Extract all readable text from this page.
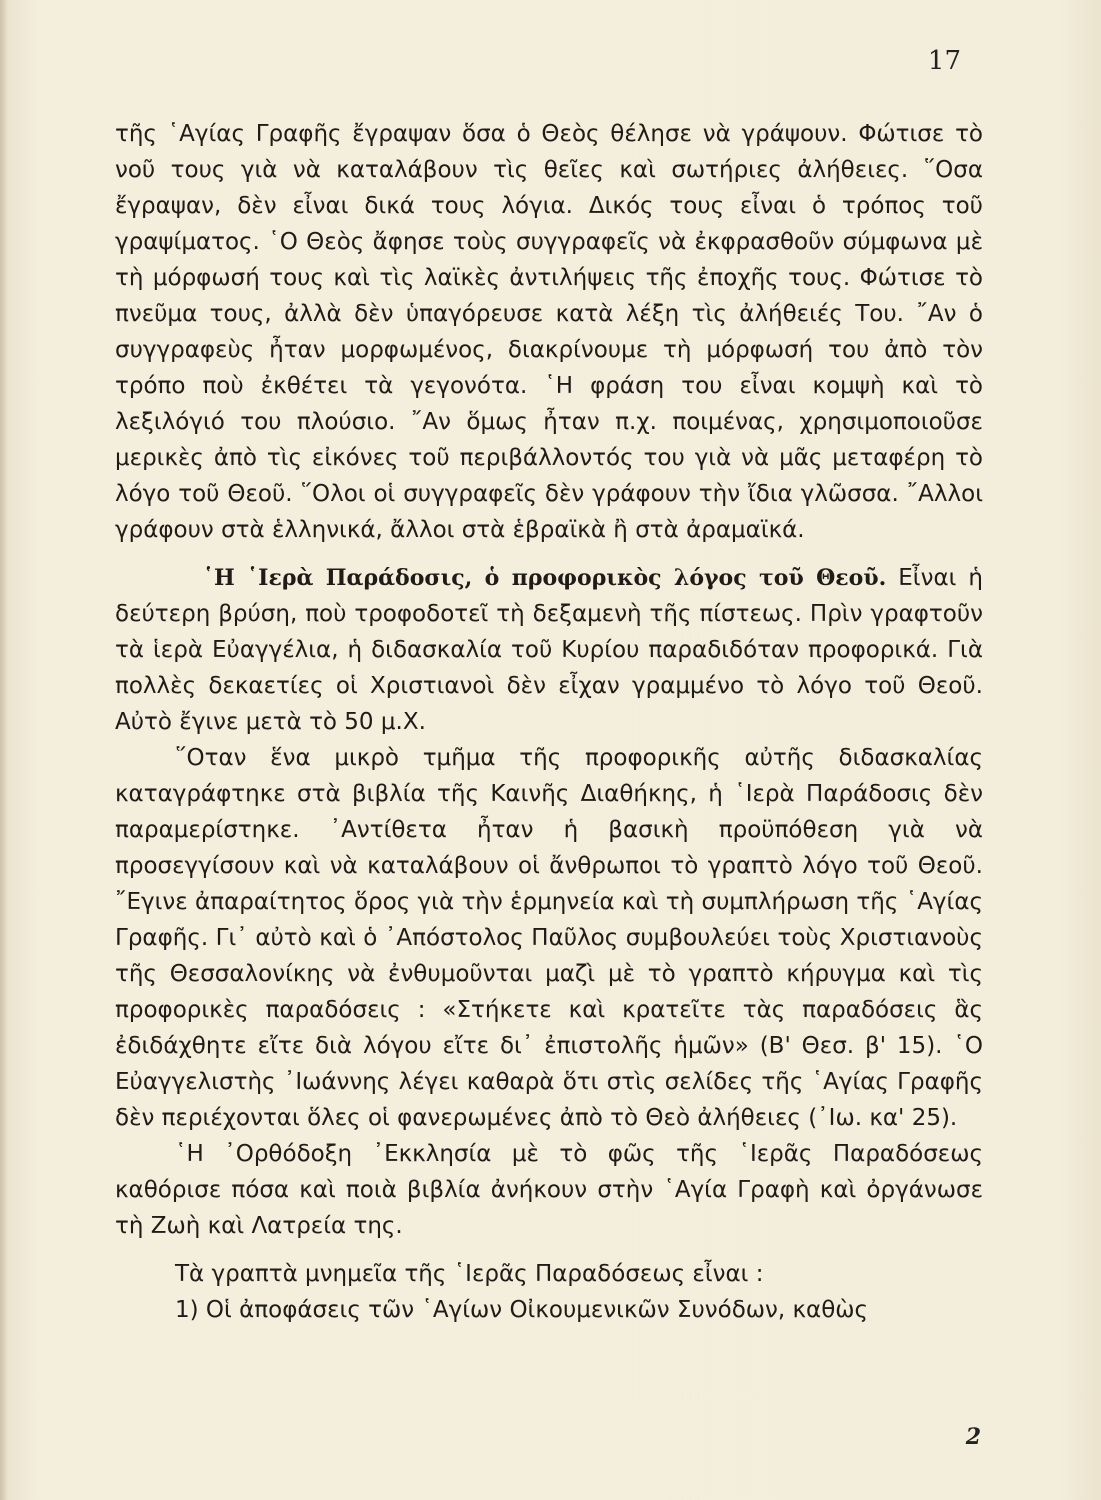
17

τῆς ῾Αγίας Γραφῆς ἔγραψαν ὅσα ὁ Θεὸς θέλησε νὰ γράψουν. Φώτισε τὸ νοῦ τους γιὰ νὰ καταλάβουν τὶς θεῖες καὶ σωτήριες ἀλήθειες. ῞Οσα ἔγραψαν, δὲν εἶναι δικά τους λόγια. Δικός τους εἶναι ὁ τρόπος τοῦ γραψίματος. ῾Ο Θεὸς ἄφησε τοὺς συγγραφεῖς νὰ ἐκφρασθοῦν σύμφωνα μὲ τὴ μόρφωσή τους καὶ τὶς λαϊκὲς ἀντιλήψεις τῆς ἐποχῆς τους. Φώτισε τὸ πνεῦμα τους, ἀλλὰ δὲν ὑπαγόρευσε κατὰ λέξη τὶς ἀλήθειές Του. ῎Αν ὁ συγγραφεὺς ἦταν μορφωμένος, διακρίνουμε τὴ μόρφωσή του ἀπὸ τὸν τρόπο ποὺ ἐκθέτει τὰ γεγονότα. ῾Η φράση του εἶναι κομψὴ καὶ τὸ λεξιλόγιό του πλούσιο. ῎Αν ὅμως ἦταν π.χ. ποιμένας, χρησιμοποιοῦσε μερικὲς ἀπὸ τὶς εἰκόνες τοῦ περιβάλλοντός του γιὰ νὰ μᾶς μεταφέρη τὸ λόγο τοῦ Θεοῦ. ῞Ολοι οἱ συγγραφεῖς δὲν γράφουν τὴν ἴδια γλῶσσα. ῎Αλλοι γράφουν στὰ ἑλληνικά, ἄλλοι στὰ ἑβραϊκὰ ἢ στὰ ἀραμαϊκά.

῾Η ῾Ιερὰ Παράδοσις, ὁ προφορικὸς λόγος τοῦ Θεοῦ. Εἶναι ἡ δεύτερη βρύση, ποὺ τροφοδοτεῖ τὴ δεξαμενὴ τῆς πίστεως. Πρὶν γραφτοῦν τὰ ἱερὰ Εὐαγγέλια, ἡ διδασκαλία τοῦ Κυρίου παραδιδόταν προφορικά. Γιὰ πολλὲς δεκαετίες οἱ Χριστιανοὶ δὲν εἶχαν γραμμένο τὸ λόγο τοῦ Θεοῦ. Αὐτὸ ἔγινε μετὰ τὸ 50 μ.Χ.

῞Οταν ἕνα μικρὸ τμῆμα τῆς προφορικῆς αὐτῆς διδασκαλίας καταγράφτηκε στὰ βιβλία τῆς Καινῆς Διαθήκης, ἡ ῾Ιερὰ Παράδοσις δὲν παραμερίστηκε. ᾿Αντίθετα ἦταν ἡ βασικὴ προϋπόθεση γιὰ νὰ προσεγγίσουν καὶ νὰ καταλάβουν οἱ ἄνθρωποι τὸ γραπτὸ λόγο τοῦ Θεοῦ. ῎Εγινε ἀπαραίτητος ὅρος γιὰ τὴν ἑρμηνεία καὶ τὴ συμπλήρωση τῆς ῾Αγίας Γραφῆς. Γι᾿ αὐτὸ καὶ ὁ ᾿Απόστολος Παῦλος συμβουλεύει τοὺς Χριστιανοὺς τῆς Θεσσαλονίκης νὰ ἐνθυμοῦνται μαζὶ μὲ τὸ γραπτὸ κήρυγμα καὶ τὶς προφορικὲς παραδόσεις : «Στήκετε καὶ κρατεῖτε τὰς παραδόσεις ἃς ἐδιδάχθητε εἴτε διὰ λόγου εἴτε δι᾿ ἐπιστολῆς ἡμῶν» (Β' Θεσ. β' 15). ῾Ο Εὐαγγελιστὴς ᾿Ιωάννης λέγει καθαρὰ ὅτι στὶς σελίδες τῆς ῾Αγίας Γραφῆς δὲν περιέχονται ὅλες οἱ φανερωμένες ἀπὸ τὸ Θεὸ ἀλήθειες (᾿Ιω. κα' 25).

῾Η ᾿Ορθόδοξη ᾿Εκκλησία μὲ τὸ φῶς τῆς ῾Ιερᾶς Παραδόσεως καθόρισε πόσα καὶ ποιὰ βιβλία ἀνήκουν στὴν ῾Αγία Γραφὴ καὶ ὀργάνωσε τὴ Ζωὴ καὶ Λατρεία της.

Τὰ γραπτὰ μνημεῖα τῆς ῾Ιερᾶς Παραδόσεως εἶναι :

1) Οἱ ἀποφάσεις τῶν ῾Αγίων Οἰκουμενικῶν Συνόδων, καθὼς

2
